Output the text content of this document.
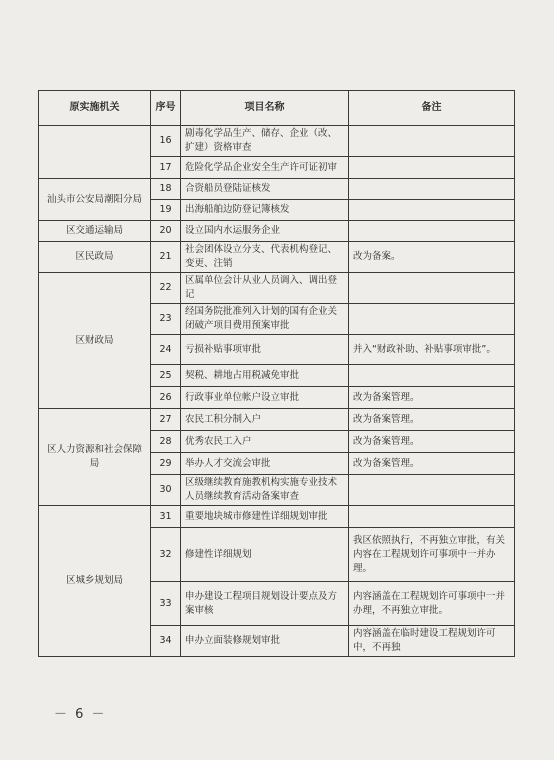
原实施机关	序号	项目名称	备注
	16	剧毒化学品生产、储存、企业（改、扩建）资格审查	
	17	危险化学品企业安全生产许可证初审	
汕头市公安局潮阳分局	18	合资船员登陆证核发	
	19	出海船舶边防登记簿核发	
区交通运输局	20	设立国内水运服务企业	
区民政局	21	社会团体设立分支、代表机构登记、变更、注销	改为备案。
区财政局	22	区属单位会计从业人员调入、调出登记	
	23	经国务院批准列入计划的国有企业关闭破产项目费用预案审批	
	24	亏损补贴事项审批	并入“财政补助、补贴事项审批”。
	25	契税、耕地占用税减免审批	
	26	行政事业单位帐户设立审批	改为备案管理。
区人力资源和社会保障局	27	农民工积分制入户	改为备案管理。
	28	优秀农民工入户	改为备案管理。
	29	举办人才交流会审批	改为备案管理。
	30	区级继续教育施教机构实施专业技术人员继续教育活动备案审查	
区城乡规划局	31	重要地块城市修建性详细规划审批	
	32	修建性详细规划	我区依照执行，不再独立审批，有关内容在工程规划许可事项中一并办理。
	33	申办建设工程项目规划设计要点及方案审核	内容涵盖在工程规划许可事项中一并办理，不再独立审批。
	34	申办立面装修规划审批	内容涵盖在临时建设工程规划许可中，不再独
－ 6 －
